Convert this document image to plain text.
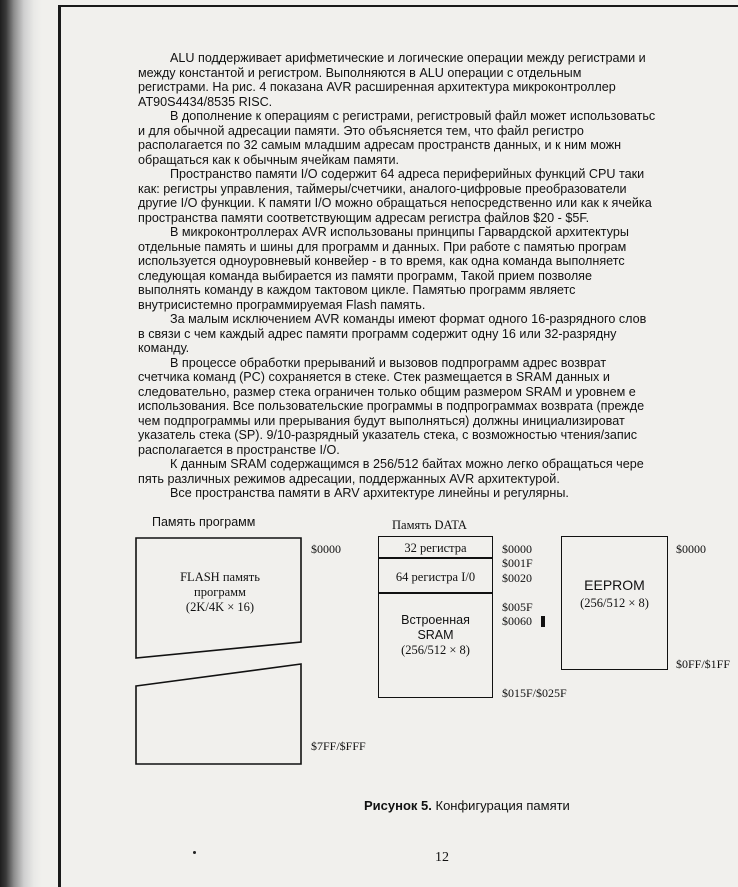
ALU поддерживает арифметические и логические операции между регистрами и
между константой и регистром. Выполняются в ALU операции с отдельным
регистрами. На рис. 4 показана AVR расширенная архитектура микроконтроллер
AT90S4434/8535 RISC.

В дополнение к операциям с регистрами, регистровый файл может использоватьс
и для обычной адресации памяти. Это объясняется тем, что файл регистро
располагается по 32 самым младшим адресам пространств данных, и к ним можн
обращаться как к обычным ячейкам памяти.

Пространство памяти I/O содержит 64 адреса периферийных функций CPU таки
как: регистры управления, таймеры/счетчики, аналого-цифровые преобразователи
другие I/O функции. К памяти I/O можно обращаться непосредственно или как к ячейка
пространства памяти соответствующим адресам регистра файлов $20 - $5F.

В микроконтроллерах AVR использованы принципы Гарвардской архитектуры
отдельные память и шины для программ и данных. При работе с памятью програм
используется одноуровневый конвейер - в то время, как одна команда выполняетс
следующая команда выбирается из памяти программ, Такой прием позволяе
выполнять команду в каждом тактовом цикле. Памятью программ являетс
внутрисистемно программируемая Flash память.

За малым исключением AVR команды имеют формат одного 16-разрядного слов
в связи с чем каждый адрес памяти программ содержит одну 16 или 32-разрядну
команду.

В процессе обработки прерываний и вызовов подпрограмм адрес возврат
счетчика команд (PC) сохраняется в стеке. Стек размещается в SRAM данных и
следовательно, размер стека ограничен только общим размером SRAM и уровнем е
использования. Все пользовательские программы в подпрограммах возврата (прежде
чем подпрограммы или прерывания будут выполняться) должны инициализироват
указатель стека (SP). 9/10-разрядный указатель стека, с возможностью чтения/запис
располагается в пространстве I/O.

К данным SRAM содержащимся в 256/512 байтах можно легко обращаться чере
пять различных режимов адресации, поддержанных AVR архитектурой.

Все пространства памяти в ARV архитектуре линейны и регулярны.

Память программ
FLASH память
программ
(2K/4K × 16)
$0000
$7FF/$FFF
Память DATA
32 регистра
64 регистра I/0
Встроенная
SRAM
(256/512 × 8)
$0000
$001F
$0020
$005F
$0060
$015F/$025F
EEPROM
(256/512 × 8)
$0000
$0FF/$1FF
Рисунок 5. Конфигурация памяти
12
